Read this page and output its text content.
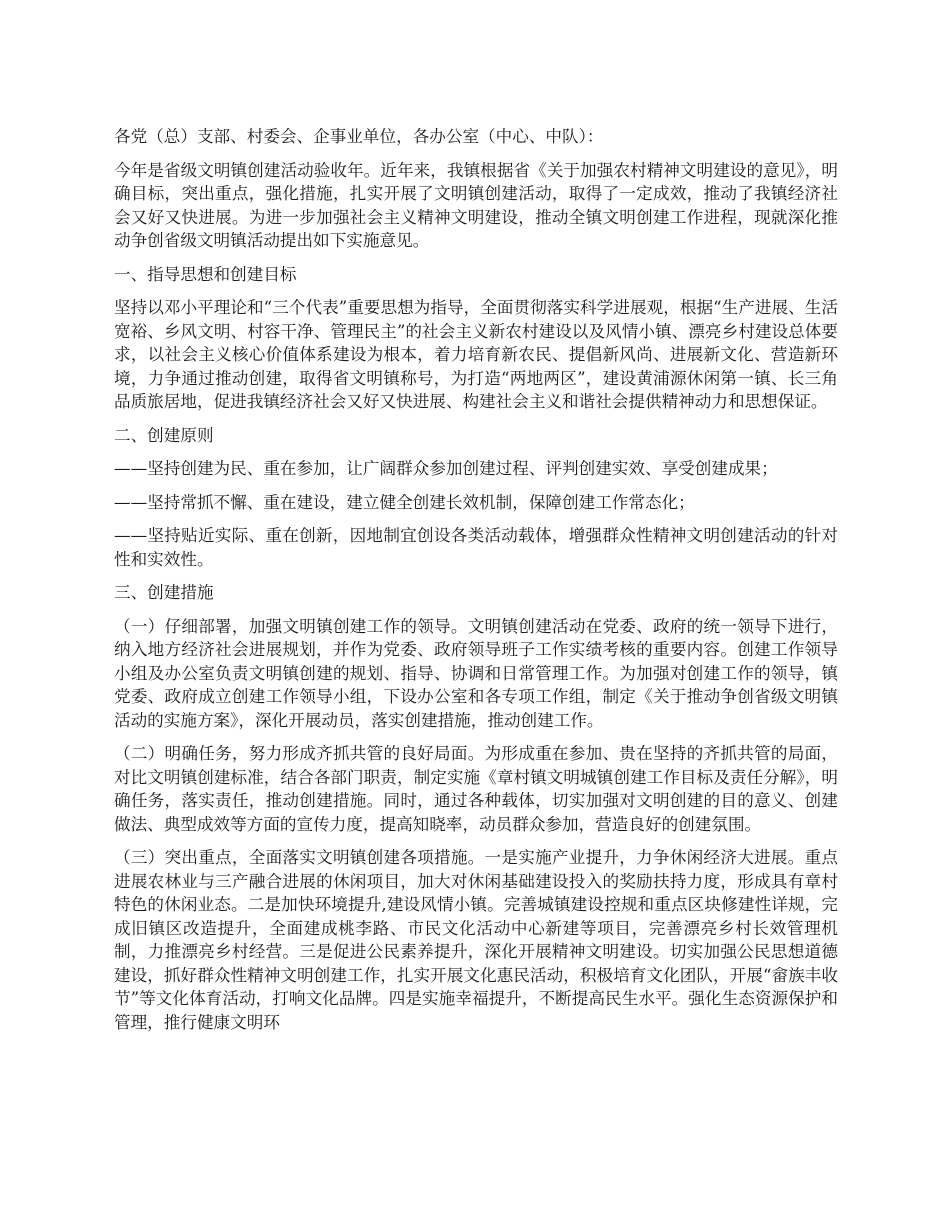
各党（总）支部、村委会、企事业单位，各办公室（中心、中队）：

今年是省级文明镇创建活动验收年。近年来，我镇根据省《关于加强农村精神文明建设的意见》，明确目标，突出重点，强化措施，扎实开展了文明镇创建活动，取得了一定成效，推动了我镇经济社会又好又快进展。为进一步加强社会主义精神文明建设，推动全镇文明创建工作进程，现就深化推动争创省级文明镇活动提出如下实施意见。

一、指导思想和创建目标

坚持以邓小平理论和“三个代表”重要思想为指导，全面贯彻落实科学进展观，根据“生产进展、生活宽裕、乡风文明、村容干净、管理民主”的社会主义新农村建设以及风情小镇、漂亮乡村建设总体要求，以社会主义核心价值体系建设为根本，着力培育新农民、提倡新风尚、进展新文化、营造新环境，力争通过推动创建，取得省文明镇称号，为打造“两地两区”，建设黄浦源休闲第一镇、长三角品质旅居地，促进我镇经济社会又好又快进展、构建社会主义和谐社会提供精神动力和思想保证。

二、创建原则

——坚持创建为民、重在参加，让广阔群众参加创建过程、评判创建实效、享受创建成果；

——坚持常抓不懈、重在建设，建立健全创建长效机制，保障创建工作常态化；

——坚持贴近实际、重在创新，因地制宜创设各类活动载体，增强群众性精神文明创建活动的针对性和实效性。

三、创建措施

（一）仔细部署，加强文明镇创建工作的领导。文明镇创建活动在党委、政府的统一领导下进行，纳入地方经济社会进展规划，并作为党委、政府领导班子工作实绩考核的重要内容。创建工作领导小组及办公室负责文明镇创建的规划、指导、协调和日常管理工作。为加强对创建工作的领导，镇党委、政府成立创建工作领导小组，下设办公室和各专项工作组，制定《关于推动争创省级文明镇活动的实施方案》，深化开展动员，落实创建措施，推动创建工作。

（二）明确任务，努力形成齐抓共管的良好局面。为形成重在参加、贵在坚持的齐抓共管的局面，对比文明镇创建标准，结合各部门职责，制定实施《章村镇文明城镇创建工作目标及责任分解》，明确任务，落实责任，推动创建措施。同时，通过各种载体，切实加强对文明创建的目的意义、创建做法、典型成效等方面的宣传力度，提高知晓率，动员群众参加，营造良好的创建氛围。

（三）突出重点，全面落实文明镇创建各项措施。一是实施产业提升，力争休闲经济大进展。重点进展农林业与三产融合进展的休闲项目，加大对休闲基础建设投入的奖励扶持力度，形成具有章村特色的休闲业态。二是加快环境提升,建设风情小镇。完善城镇建设控规和重点区块修建性详规，完成旧镇区改造提升，全面建成桃李路、市民文化活动中心新建等项目，完善漂亮乡村长效管理机制，力推漂亮乡村经营。三是促进公民素养提升，深化开展精神文明建设。切实加强公民思想道德建设，抓好群众性精神文明创建工作，扎实开展文化惠民活动，积极培育文化团队，开展“畲族丰收节”等文化体育活动，打响文化品牌。四是实施幸福提升，不断提高民生水平。强化生态资源保护和管理，推行健康文明环
